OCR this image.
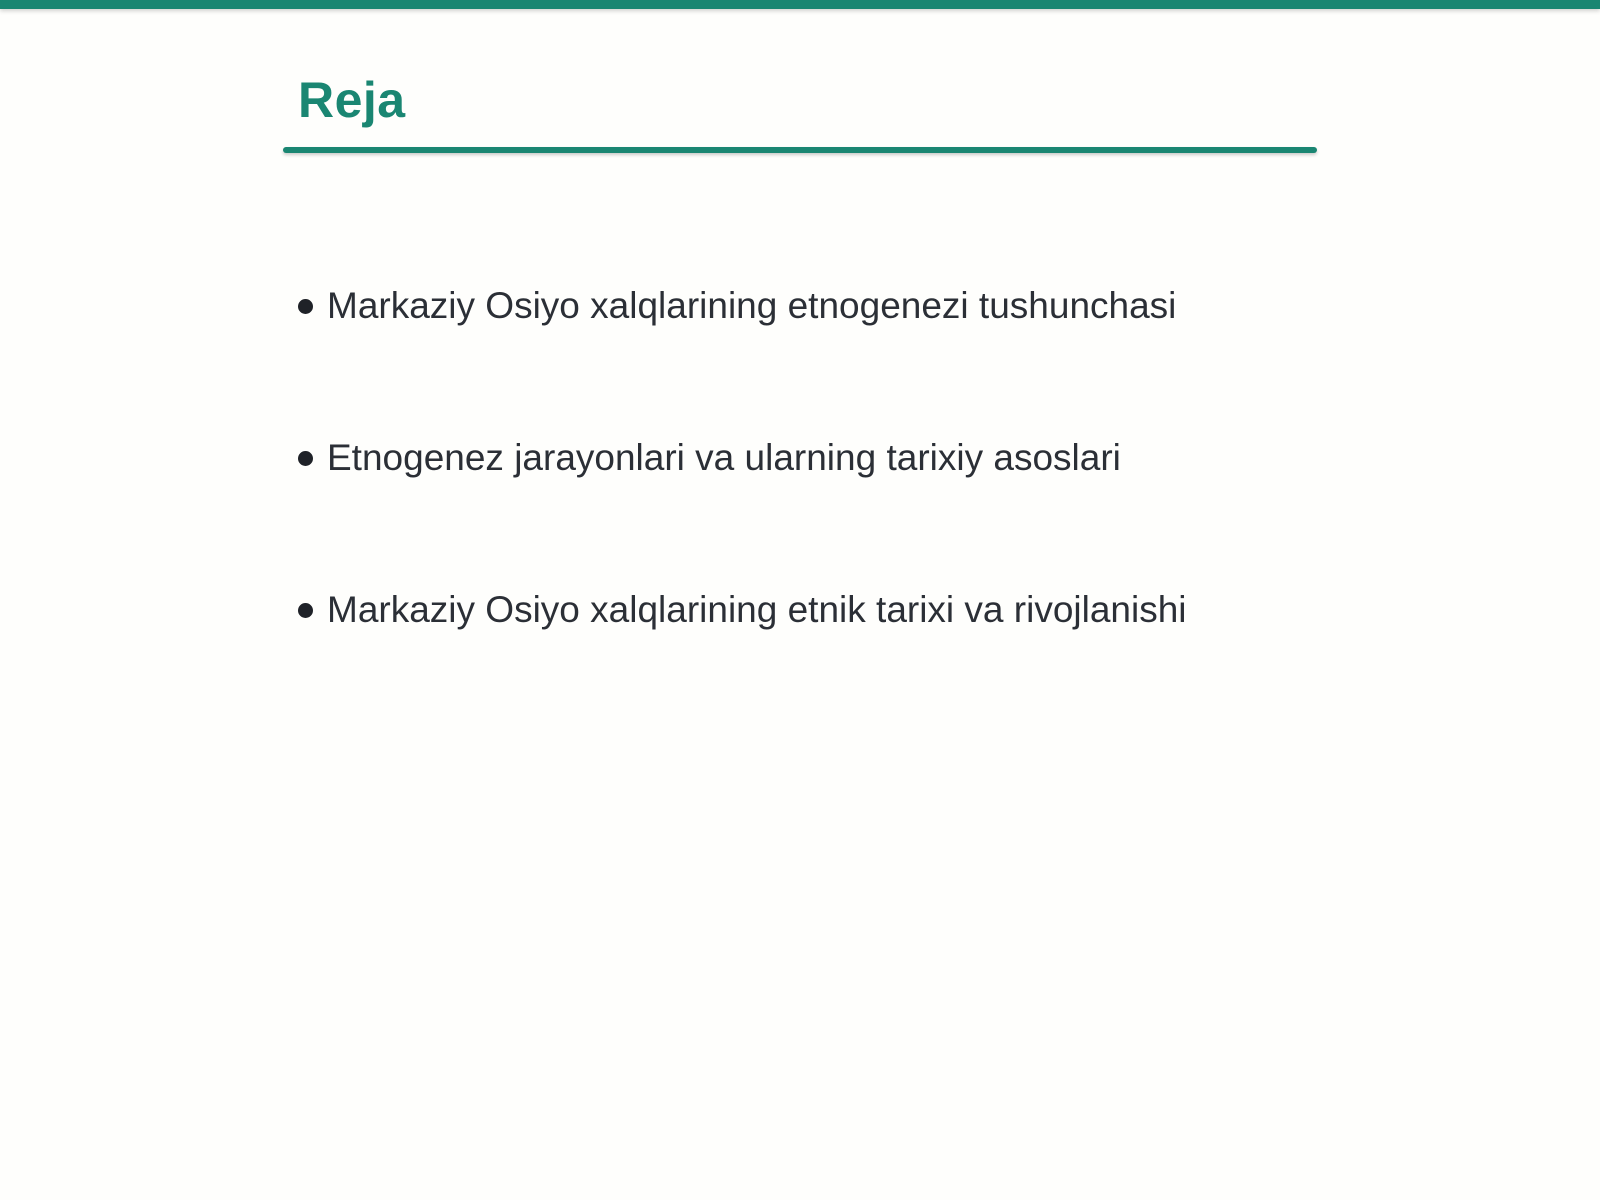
Reja
Markaziy Osiyo xalqlarining etnogenezi tushunchasi
Etnogenez jarayonlari va ularning tarixiy asoslari
Markaziy Osiyo xalqlarining etnik tarixi va rivojlanishi
